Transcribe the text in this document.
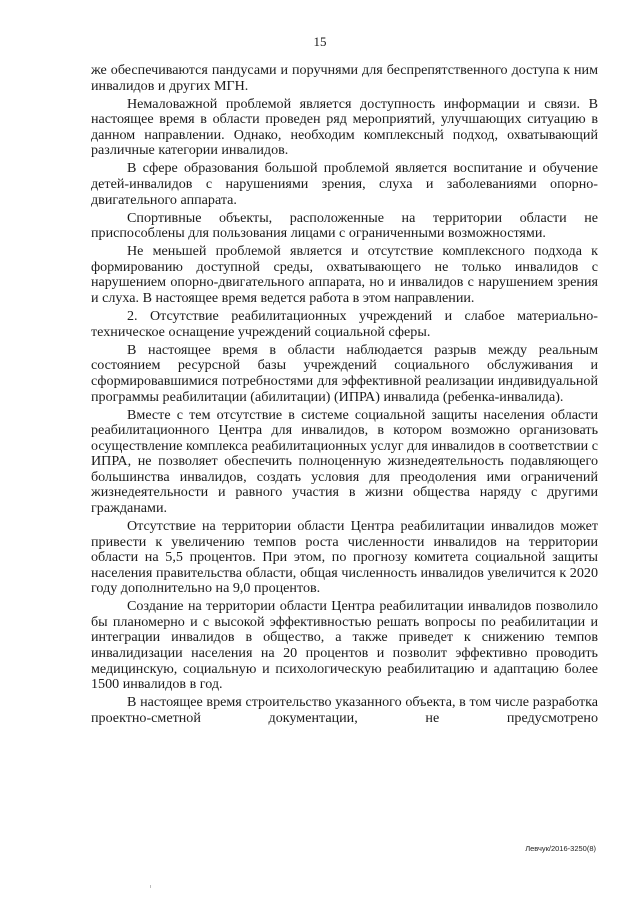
15

же обеспечиваются пандусами и поручнями для беспрепятственного доступа к ним инвалидов и других МГН.

Немаловажной проблемой является доступность информации и связи. В настоящее время в области проведен ряд мероприятий, улучшающих ситуацию в данном направлении. Однако, необходим комплексный подход, охватывающий различные категории инвалидов.

В сфере образования большой проблемой является воспитание и обучение детей-инвалидов с нарушениями зрения, слуха и заболеваниями опорно-двигательного аппарата.

Спортивные объекты, расположенные на территории области не приспособлены для пользования лицами с ограниченными возможностями.

Не меньшей проблемой является и отсутствие комплексного подхода к формированию доступной среды, охватывающего не только инвалидов с нарушением опорно-двигательного аппарата, но и инвалидов с нарушением зрения и слуха. В настоящее время ведется работа в этом направлении.

2. Отсутствие реабилитационных учреждений и слабое материально-техническое оснащение учреждений социальной сферы.

В настоящее время в области наблюдается разрыв между реальным состоянием ресурсной базы учреждений социального обслуживания и сформировавшимися потребностями для эффективной реализации индивидуальной программы реабилитации (абилитации) (ИПРА) инвалида (ребенка-инвалида).

Вместе с тем отсутствие в системе социальной защиты населения области реабилитационного Центра для инвалидов, в котором возможно организовать осуществление комплекса реабилитационных услуг для инвалидов в соответствии с ИПРА, не позволяет обеспечить полноценную жизнедеятельность подавляющего большинства инвалидов, создать условия для преодоления ими ограничений жизнедеятельности и равного участия в жизни общества наряду с другими гражданами.

Отсутствие на территории области Центра реабилитации инвалидов может привести к увеличению темпов роста численности инвалидов на территории области на 5,5 процентов. При этом, по прогнозу комитета социальной защиты населения правительства области, общая численность инвалидов увеличится к 2020 году дополнительно на 9,0 процентов.

Создание на территории области Центра реабилитации инвалидов позволило бы планомерно и с высокой эффективностью решать вопросы по реабилитации и интеграции инвалидов в общество, а также приведет к снижению темпов инвалидизации населения на 20 процентов и позволит эффективно проводить медицинскую, социальную и психологическую реабилитацию и адаптацию более 1500 инвалидов в год.

В настоящее время строительство указанного объекта, в том числе разработка проектно-сметной документации, не предусмотрено

Левчук/2016-3250(8)
